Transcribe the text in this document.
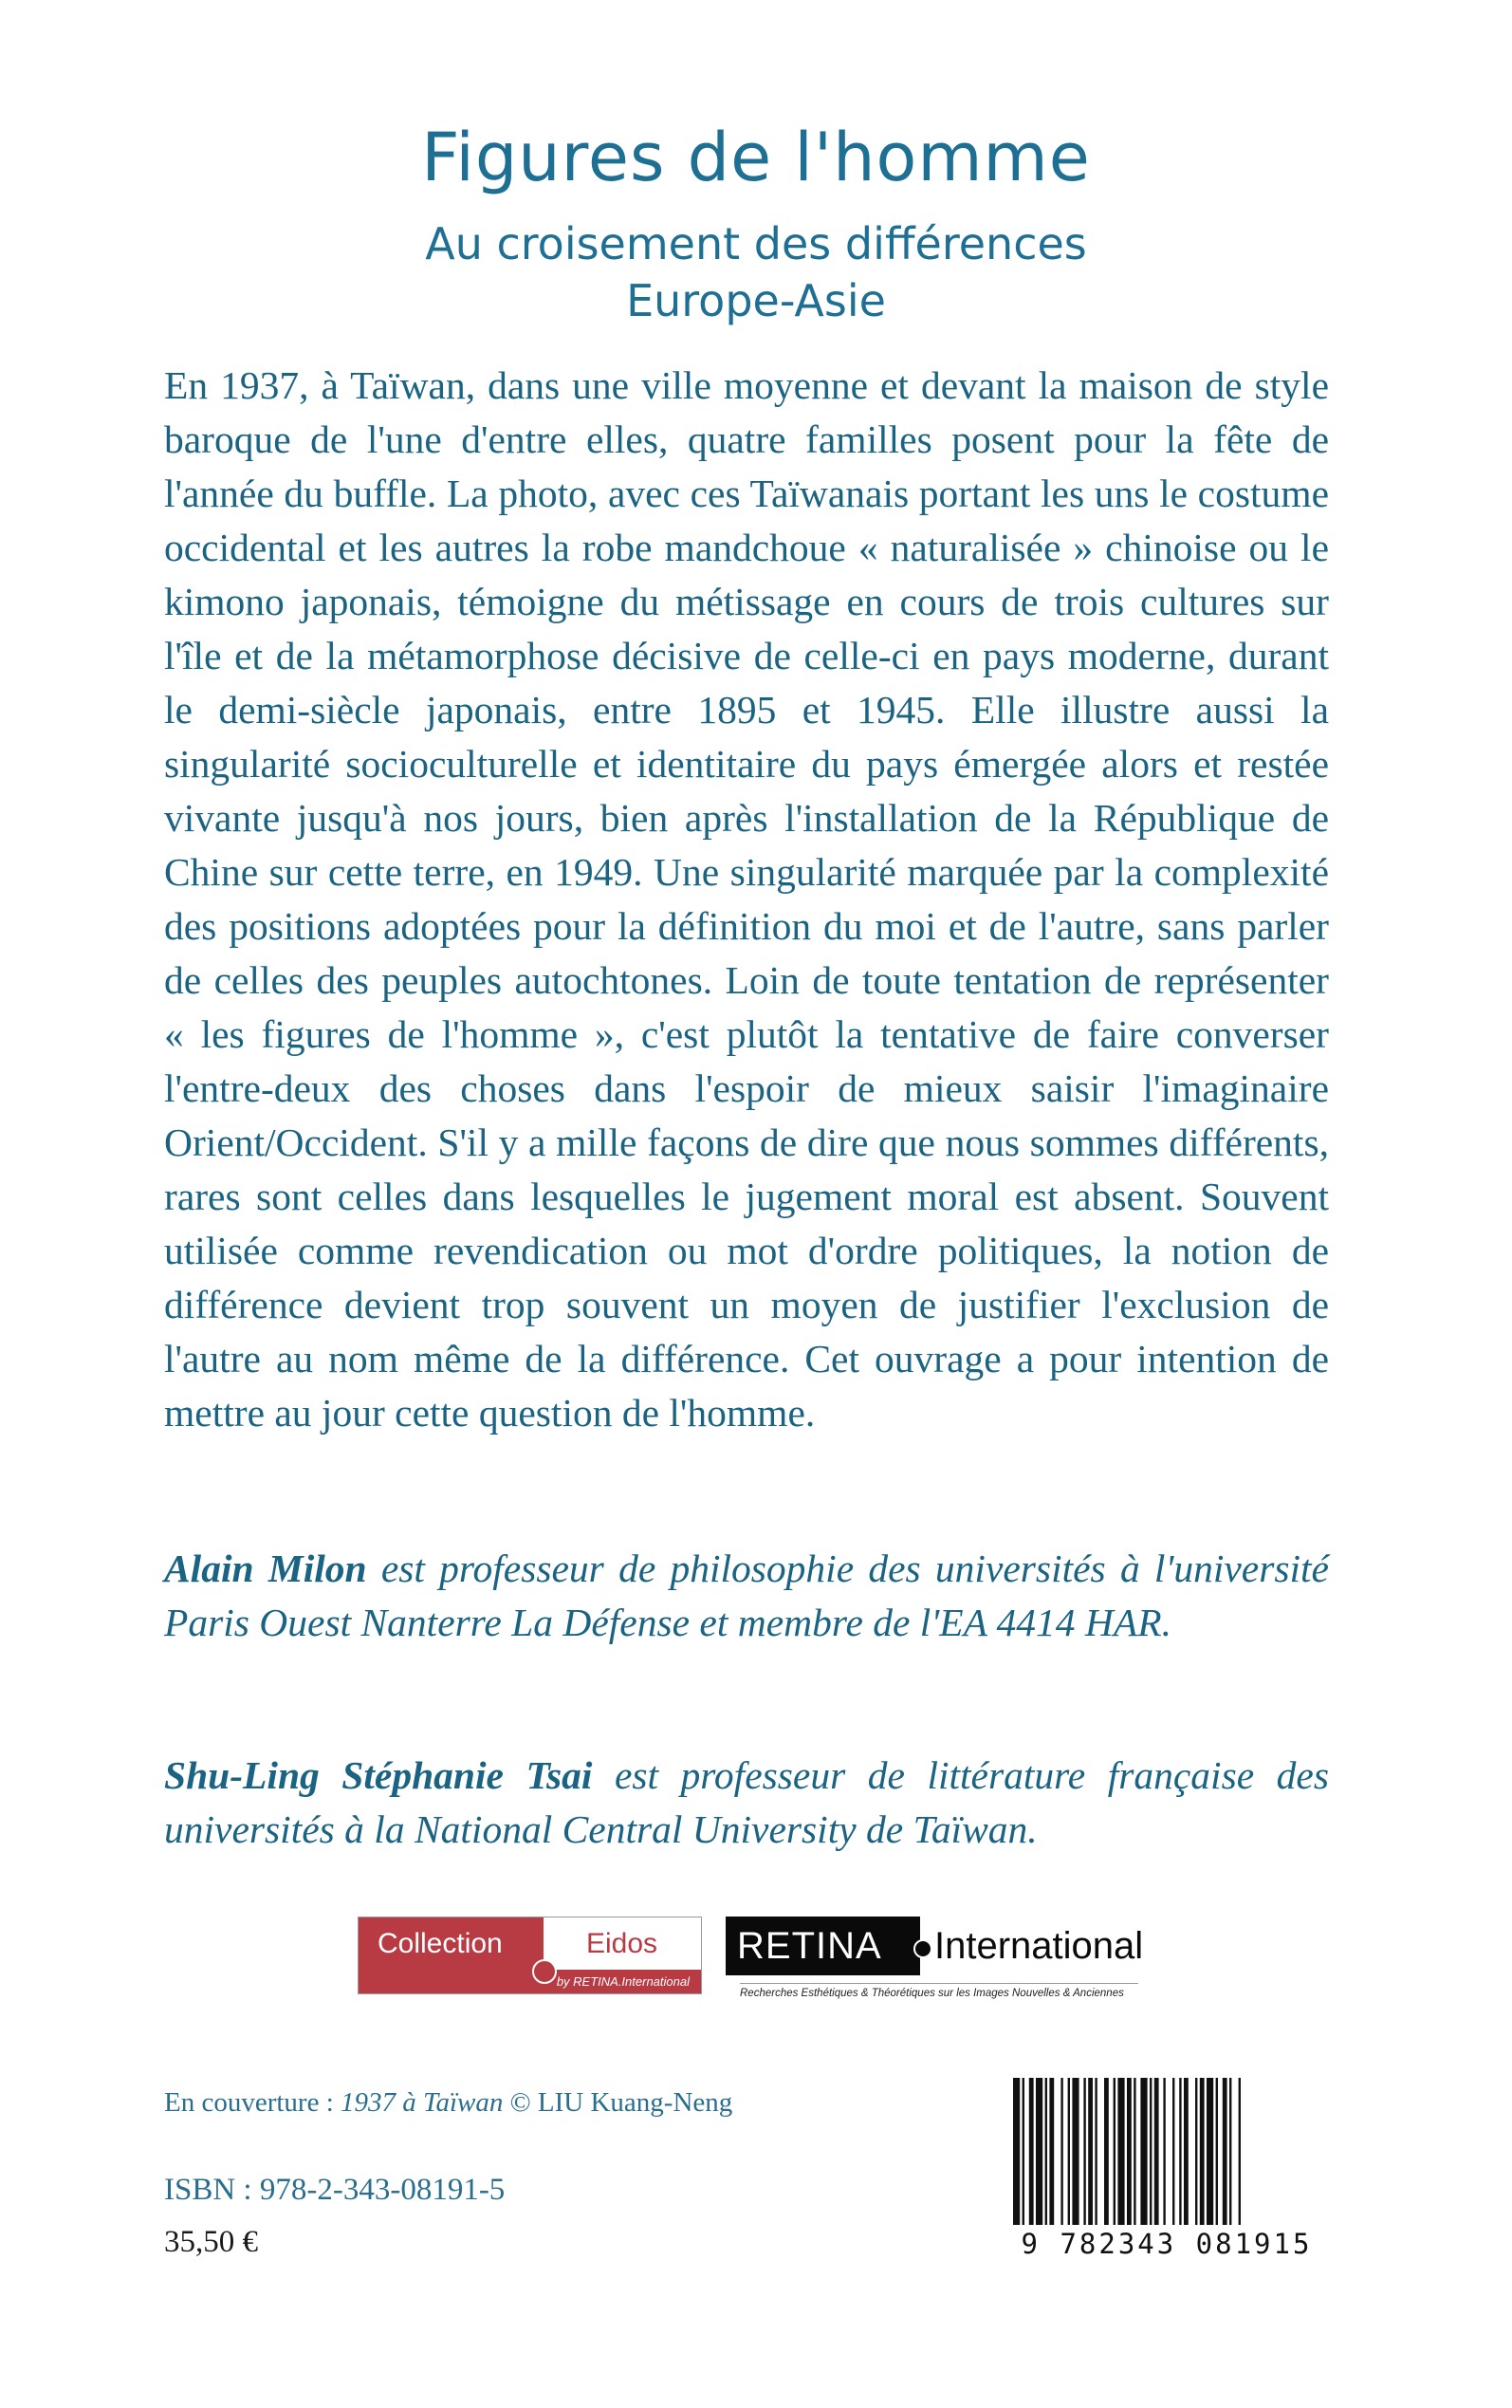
Figures de l'homme
Au croisement des différences
Europe-Asie
En 1937, à Taïwan, dans une ville moyenne et devant la maison de style baroque de l'une d'entre elles, quatre familles posent pour la fête de l'année du buffle. La photo, avec ces Taïwanais portant les uns le costume occidental et les autres la robe mandchoue « naturalisée » chinoise ou le kimono japonais, témoigne du métissage en cours de trois cultures sur l'île et de la métamorphose décisive de celle-ci en pays moderne, durant le demi-siècle japonais, entre 1895 et 1945. Elle illustre aussi la singularité socioculturelle et identitaire du pays émergée alors et restée vivante jusqu'à nos jours, bien après l'installation de la République de Chine sur cette terre, en 1949. Une singularité marquée par la complexité des positions adoptées pour la définition du moi et de l'autre, sans parler de celles des peuples autochtones. Loin de toute tentation de représenter « les figures de l'homme », c'est plutôt la tentative de faire converser l'entre-deux des choses dans l'espoir de mieux saisir l'imaginaire Orient/Occident. S'il y a mille façons de dire que nous sommes différents, rares sont celles dans lesquelles le jugement moral est absent. Souvent utilisée comme revendication ou mot d'ordre politiques, la notion de différence devient trop souvent un moyen de justifier l'exclusion de l'autre au nom même de la différence. Cet ouvrage a pour intention de mettre au jour cette question de l'homme.
Alain Milon est professeur de philosophie des universités à l'université Paris Ouest Nanterre La Défense et membre de l'EA 4414 HAR.
Shu-Ling Stéphanie Tsai est professeur de littérature française des universités à la National Central University de Taïwan.
Collection	Eidos
by RETINA.International
RETINA	International
Recherches Esthétiques & Théorétiques sur les Images Nouvelles & Anciennes
En couverture : 1937 à Taïwan © LIU Kuang-Neng
ISBN : 978-2-343-08191-5
35,50 €	9 782343 081915
